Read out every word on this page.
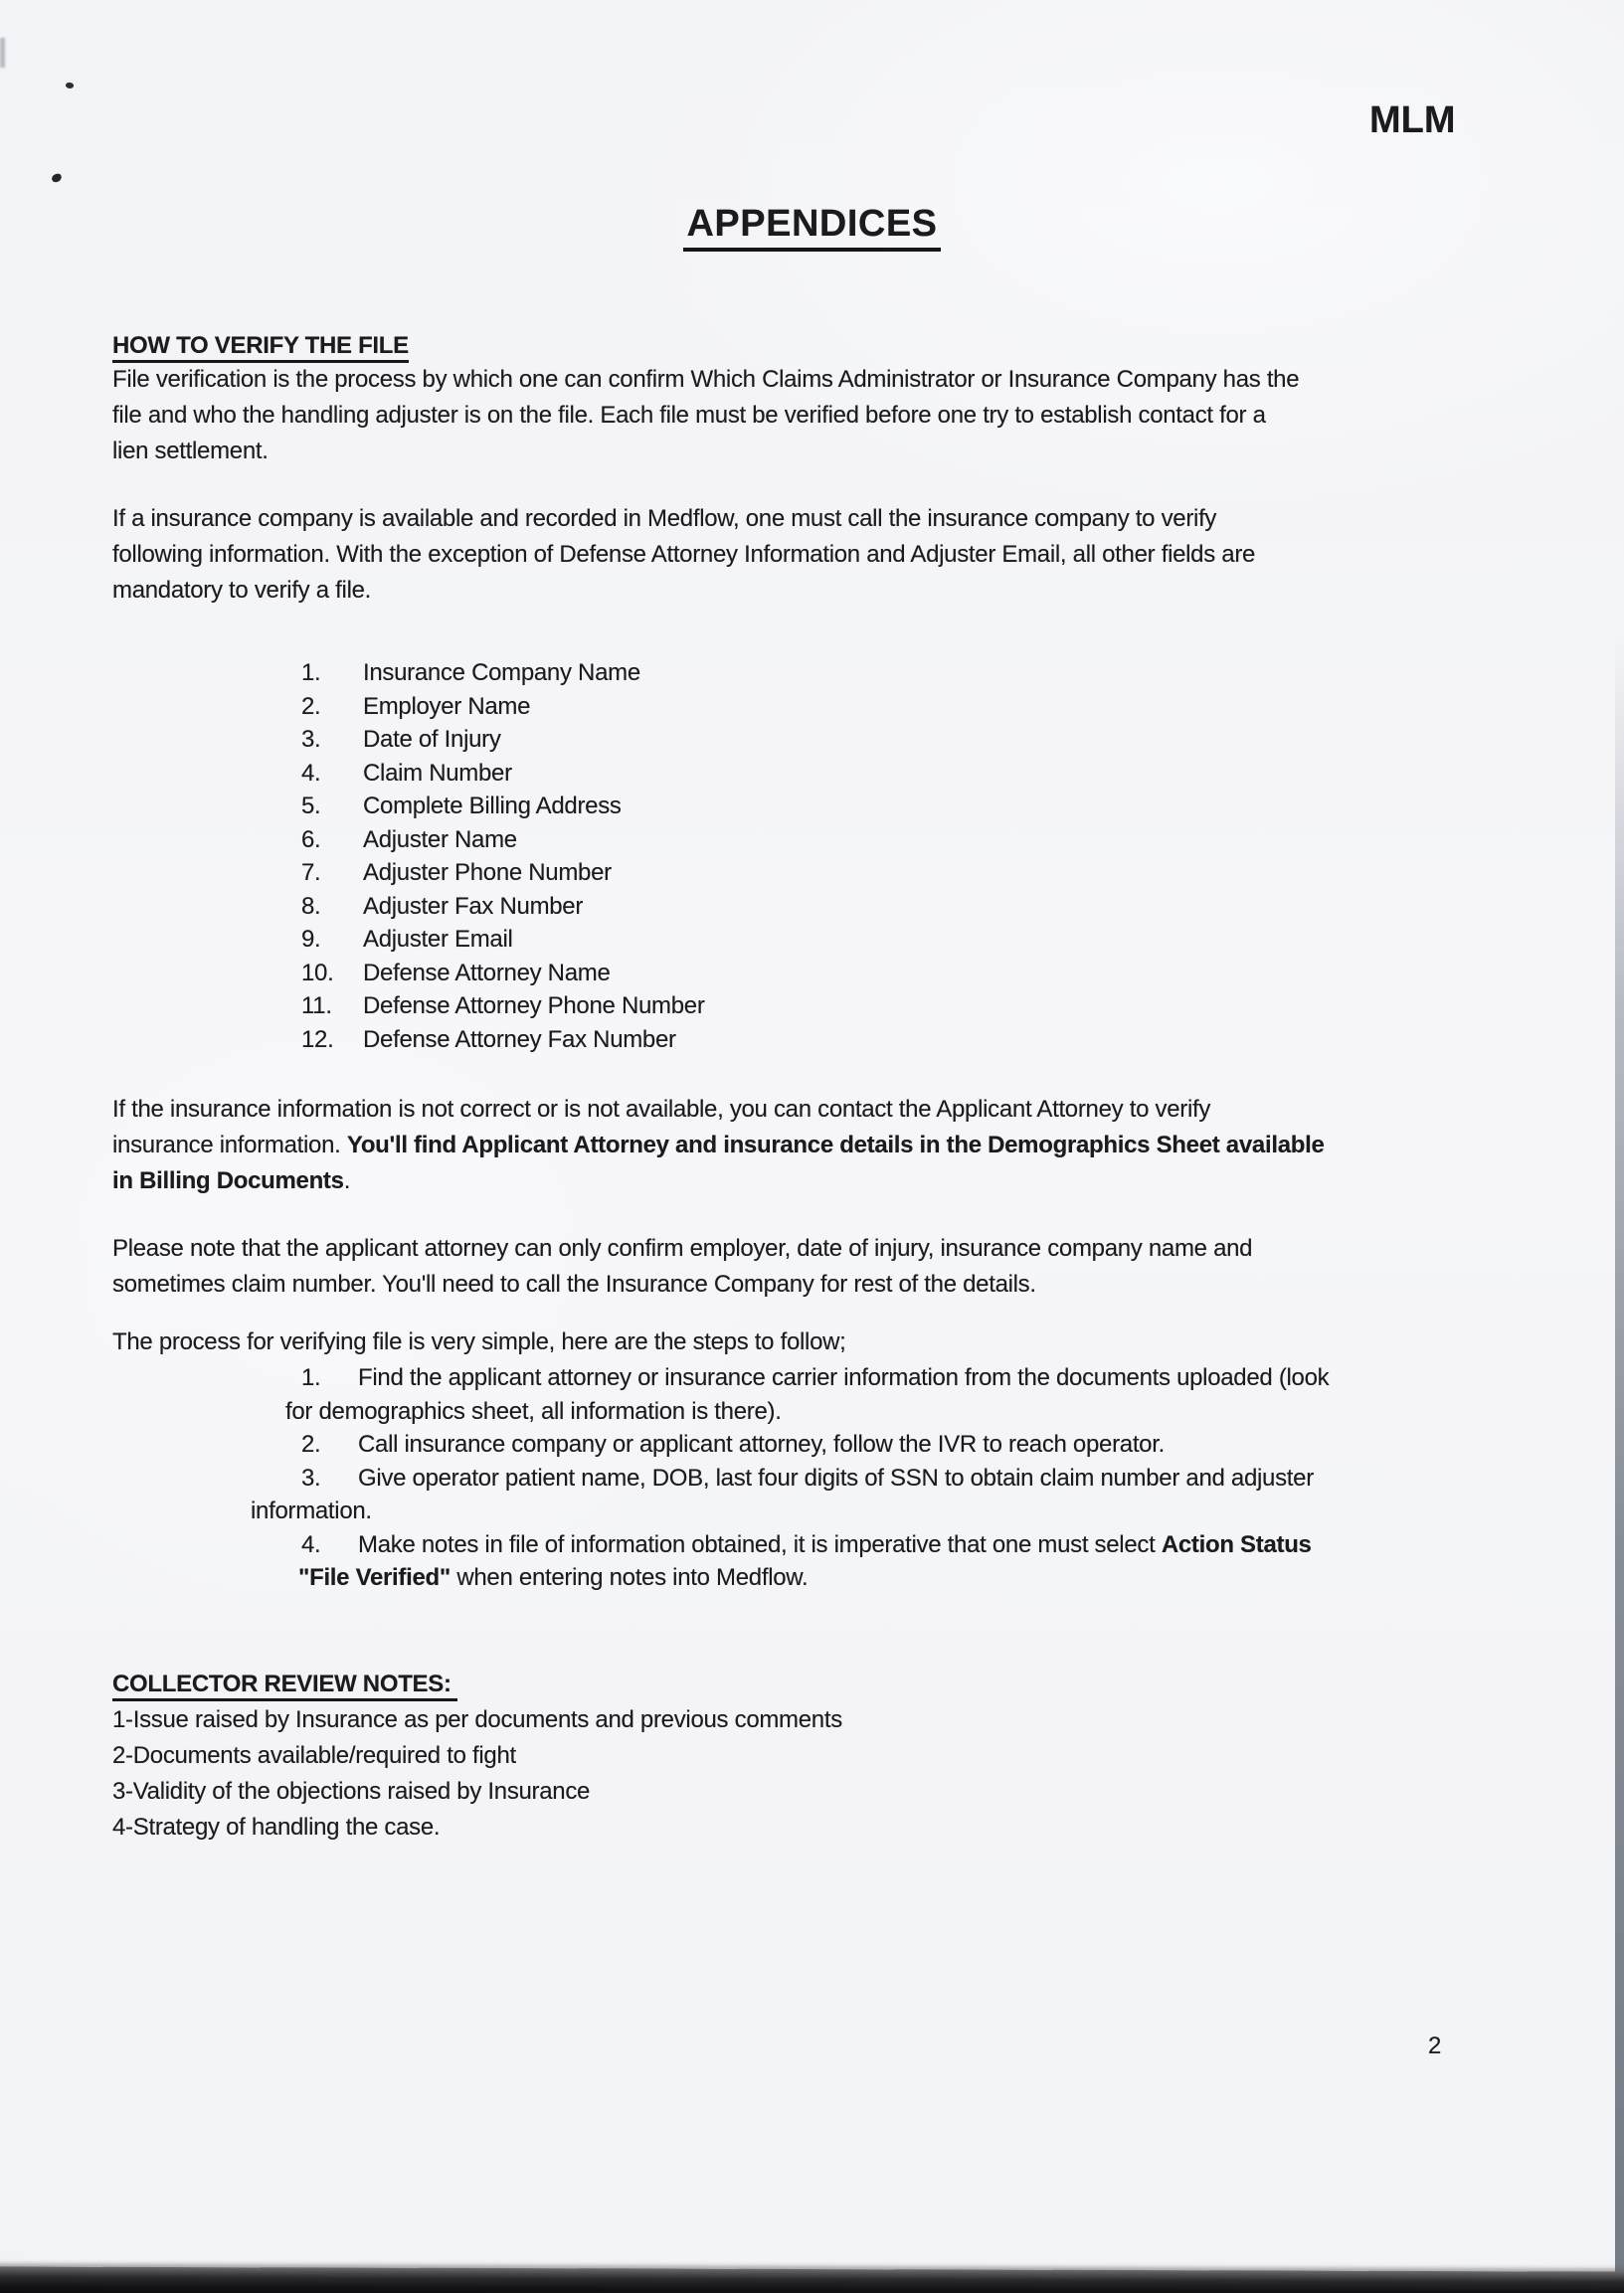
MLM
APPENDICES
HOW TO VERIFY THE FILE
File verification is the process by which one can confirm Which Claims Administrator or Insurance Company has the
file and who the handling adjuster is on the file. Each file must be verified before one try to establish contact for a
lien settlement.
If a insurance company is available and recorded in Medflow, one must call the insurance company to verify
following information. With the exception of Defense Attorney Information and Adjuster Email, all other fields are
mandatory to verify a file.
1. Insurance Company Name
2. Employer Name
3. Date of Injury
4. Claim Number
5. Complete Billing Address
6. Adjuster Name
7. Adjuster Phone Number
8. Adjuster Fax Number
9. Adjuster Email
10. Defense Attorney Name
11. Defense Attorney Phone Number
12. Defense Attorney Fax Number
If the insurance information is not correct or is not available, you can contact the Applicant Attorney to verify
insurance information. You'll find Applicant Attorney and insurance details in the Demographics Sheet available
in Billing Documents.
Please note that the applicant attorney can only confirm employer, date of injury, insurance company name and
sometimes claim number. You'll need to call the Insurance Company for rest of the details.
The process for verifying file is very simple, here are the steps to follow;
1. Find the applicant attorney or insurance carrier information from the documents uploaded (look
for demographics sheet, all information is there).
2. Call insurance company or applicant attorney, follow the IVR to reach operator.
3. Give operator patient name, DOB, last four digits of SSN to obtain claim number and adjuster
information.
4. Make notes in file of information obtained, it is imperative that one must select Action Status
"File Verified" when entering notes into Medflow.
COLLECTOR REVIEW NOTES:
1-Issue raised by Insurance as per documents and previous comments
2-Documents available/required to fight
3-Validity of the objections raised by Insurance
4-Strategy of handling the case.
2
